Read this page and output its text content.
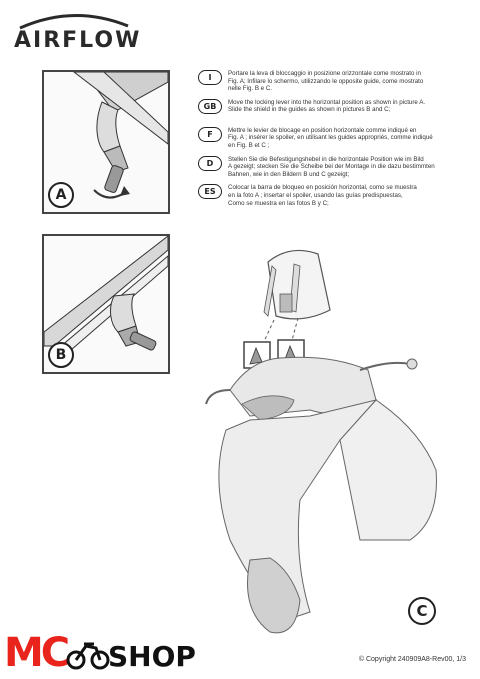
AIRFLOW
A
B
I	Portare la leva di bloccaggio in posizione orizzontale come mostrato in
Fig. A; Infilare lo schermo, utilizzando le opposite guide, come mostrato
nelle Fig. B e C.
GB	Move the locking lever into the horizontal position as shown in picture A.
Slide the shield in the guides as shown in pictures B and C;
F	Mettre le levier de blocage en position horizontale comme indiqué en
Fig. A ; insérer le spoiler, en utilisant les guides appropriés, comme indiqué
en Fig. B et C ;
D	Stellen Sie die Befestigungshebel in die horizontale Position wie im Bild
A gezeigt; stecken Sie die Scheibe bei der Montage in die dazu bestimmten
Bahnen, wie in den Bildern B und C gezeigt;
ES	Colocar la barra de bloqueo en posición horizontal, como se muestra
en la foto A ; insertar el spoiler, usando las guías predispuestas,
Como se muestra en las fotos B y C;
C
MC SHOP	© Copyright 240909A8-Rev00, 1/3
